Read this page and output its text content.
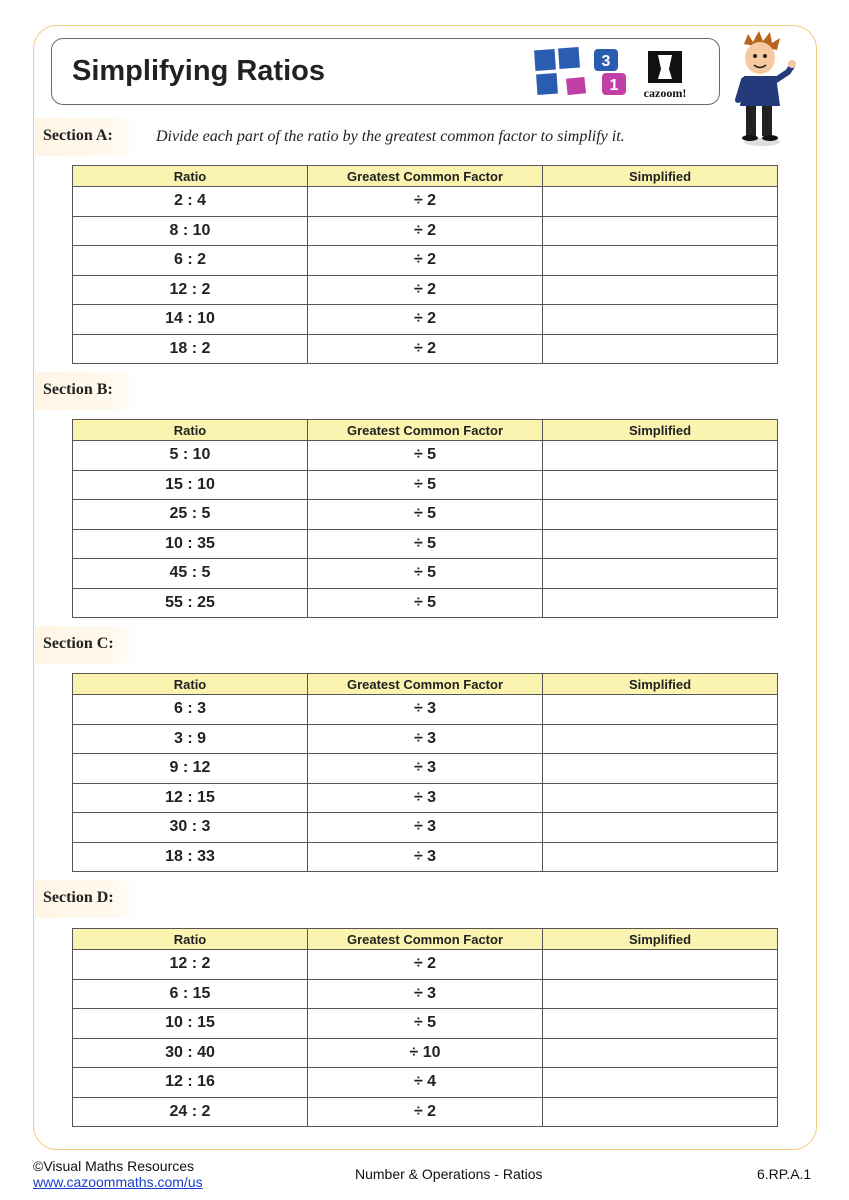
Simplifying Ratios	3
1 cazoom!
Section A:	Divide each part of the ratio by the greatest common factor to simplify it.
Ratio	Greatest Common Factor	Simplified
2 : 4	÷ 2	
8 : 10	÷ 2	
6 : 2	÷ 2	
12 : 2	÷ 2	
14 : 10	÷ 2	
18 : 2	÷ 2	
Section B:
Ratio	Greatest Common Factor	Simplified
5 : 10	÷ 5	
15 : 10	÷ 5	
25 : 5	÷ 5	
10 : 35	÷ 5	
45 : 5	÷ 5	
55 : 25	÷ 5	
Section C:
Ratio	Greatest Common Factor	Simplified
6 : 3	÷ 3	
3 : 9	÷ 3	
9 : 12	÷ 3	
12 : 15	÷ 3	
30 : 3	÷ 3	
18 : 33	÷ 3	
Section D:
Ratio	Greatest Common Factor	Simplified
12 : 2	÷ 2	
6 : 15	÷ 3	
10 : 15	÷ 5	
30 : 40	÷ 10	
12 : 16	÷ 4	
24 : 2	÷ 2	
©Visual Maths Resources
www.cazoommaths.com/us	Number & Operations - Ratios	6.RP.A.1
